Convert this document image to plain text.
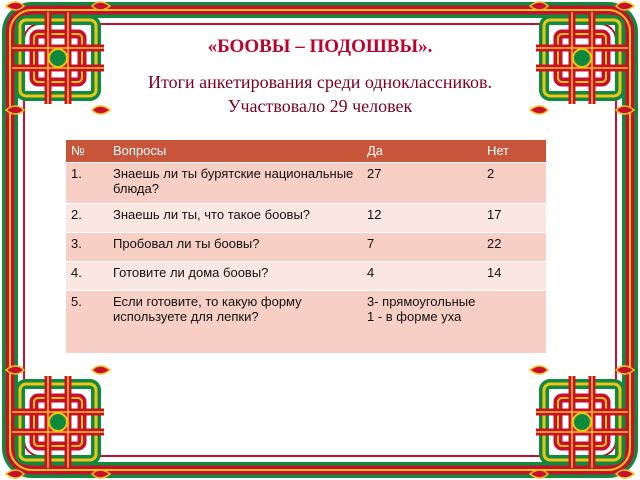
«БООВЫ – ПОДОШВЫ».
Итоги анкетирования среди одноклассников.
Участвовало 29 человек
№	Вопросы	Да	Нет
1.	Знаешь ли ты бурятские национальные блюда?	27	2
2.	Знаешь ли ты, что такое боовы?	12	17
3.	Пробовал ли ты боовы?	7	22
4.	Готовите ли дома боовы?	4	14
5.	Если готовите, то какую форму используете для лепки?	3- прямоугольные 1 - в форме уха	
